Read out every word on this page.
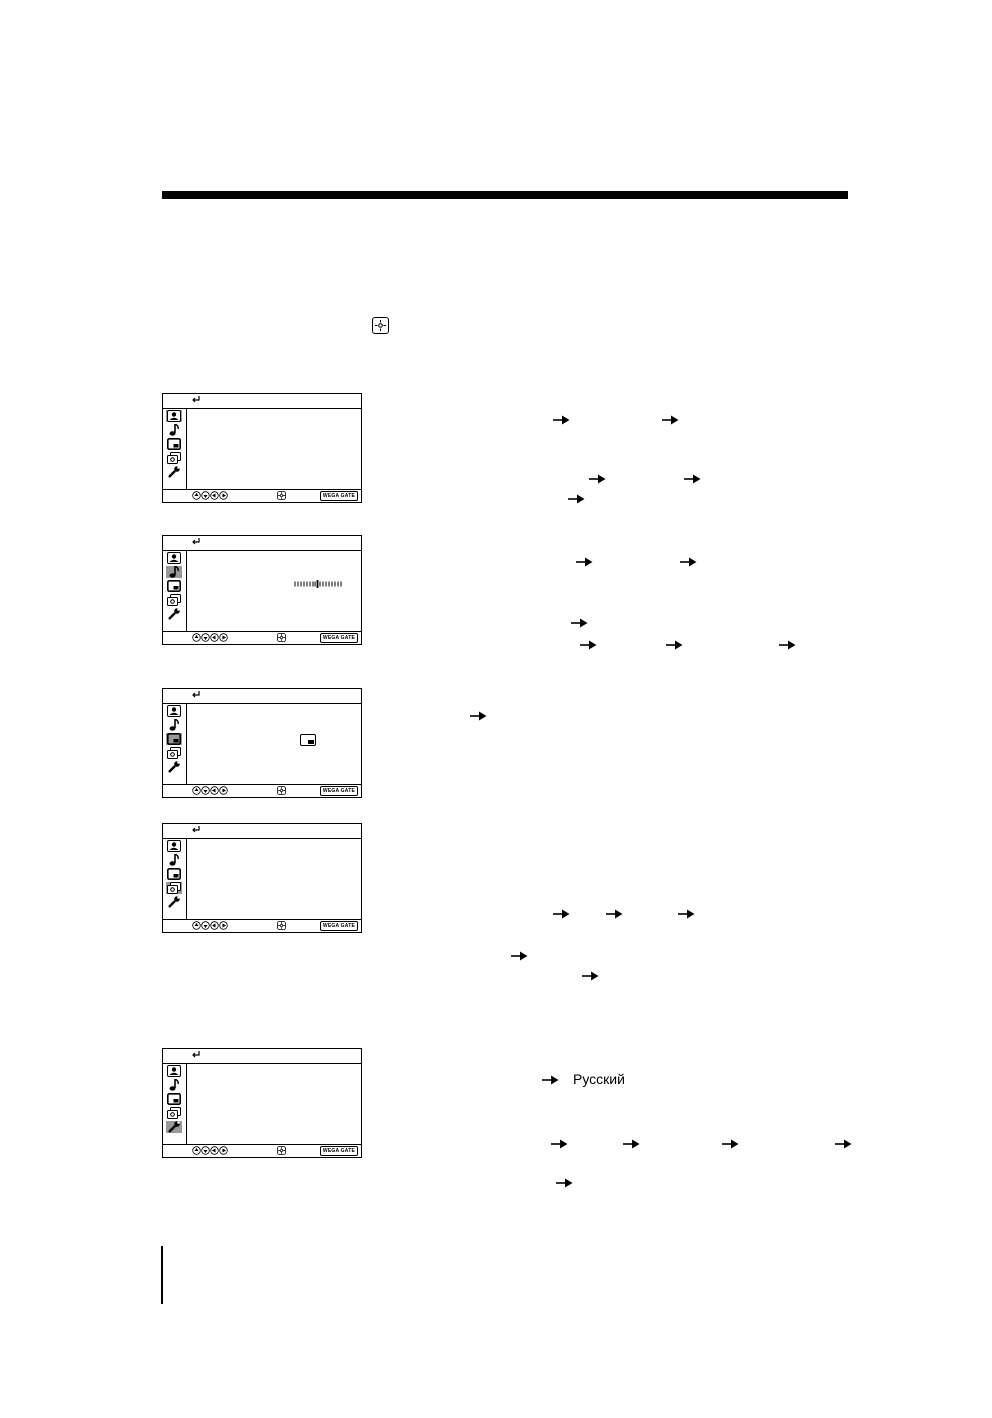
WEGA GATE
WEGA GATE
WEGA GATE
WEGA GATE
WEGA GATE
Русский
